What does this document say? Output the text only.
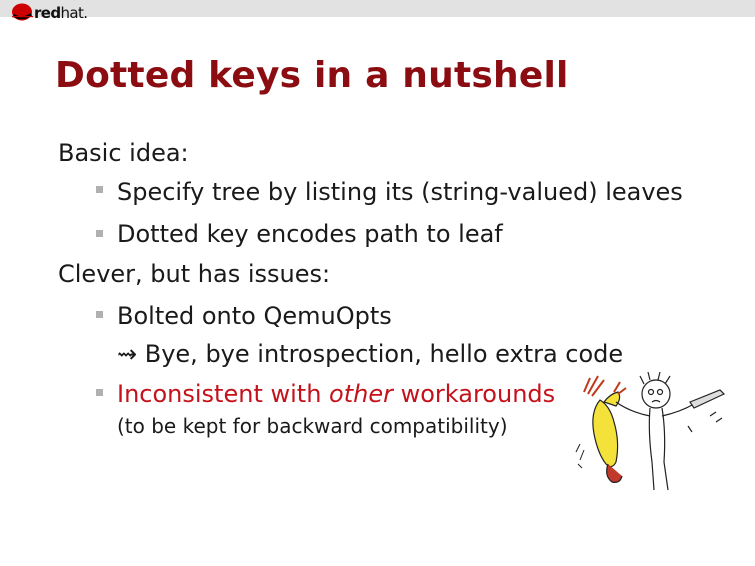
redhat.
Dotted keys in a nutshell
Basic idea:
Specify tree by listing its (string-valued) leaves
Dotted key encodes path to leaf
Clever, but has issues:
Bolted onto QemuOpts
⇝ Bye, bye introspection, hello extra code
Inconsistent with other workarounds
(to be kept for backward compatibility)
